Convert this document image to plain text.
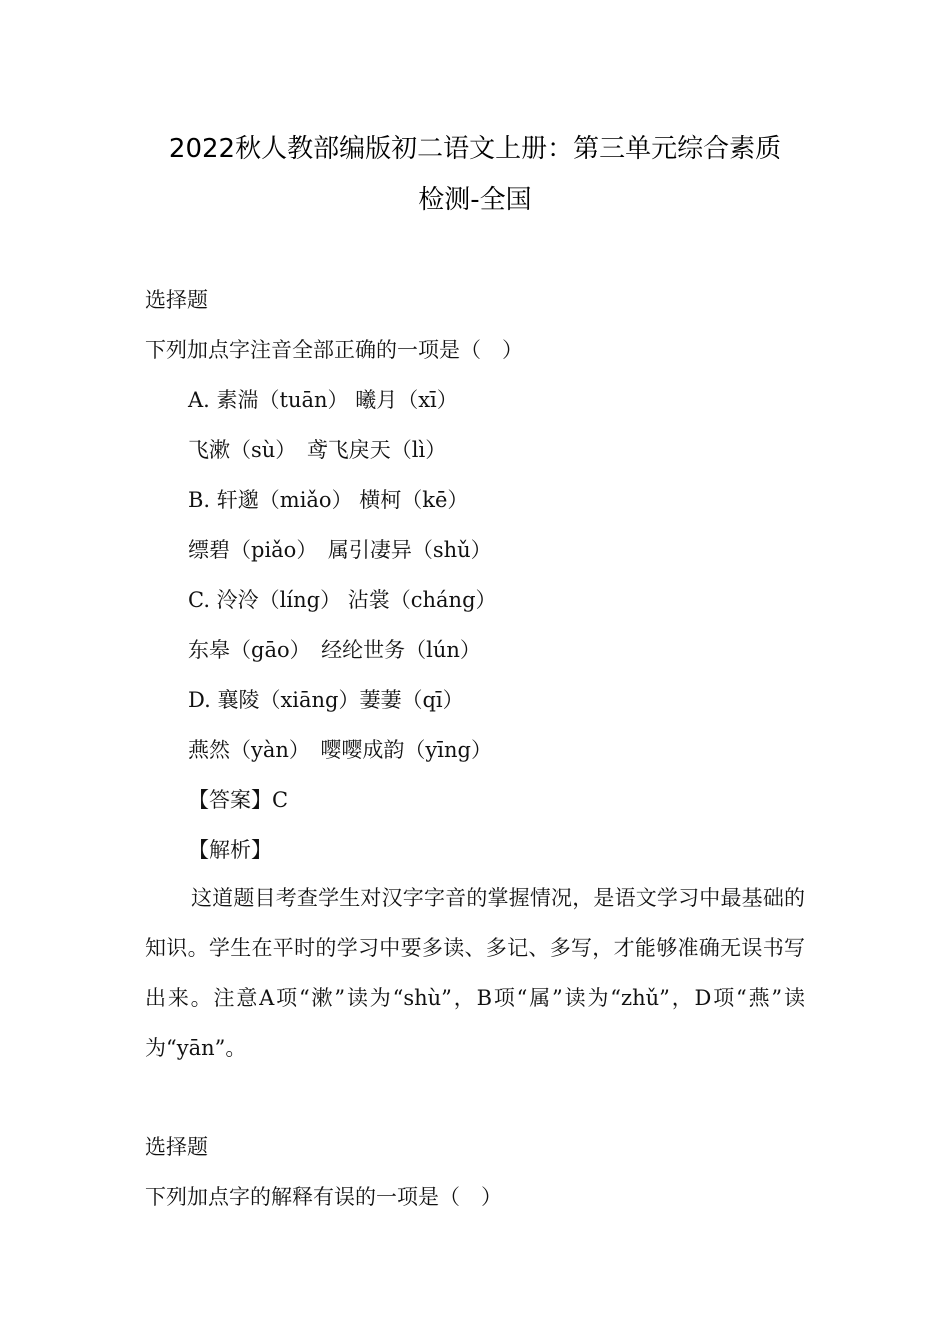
2022秋人教部编版初二语文上册：第三单元综合素质
检测-全国
选择题
下列加点字注音全部正确的一项是（　）
A. 素湍（tuān） 曦月（xī）
飞漱（sù）　鸢飞戾天（lì）
B. 轩邈（miǎo） 横柯（kē）
缥碧（piǎo）　属引凄异（shǔ）
C. 泠泠（líng） 沾裳（cháng）
东皋（gāo）　经纶世务（lún）
D. 襄陵（xiāng）萋萋（qī）
燕然（yàn）　嘤嘤成韵（yīng）
【答案】C
【解析】
这道题目考查学生对汉字字音的掌握情况，是语文学习中最基础的知识。学生在平时的学习中要多读、多记、多写，才能够准确无误书写出来。注意A项“漱”读为“shù”，B项“属”读为“zhǔ”，D项“燕”读为“yān”。
选择题
下列加点字的解释有误的一项是（　）
